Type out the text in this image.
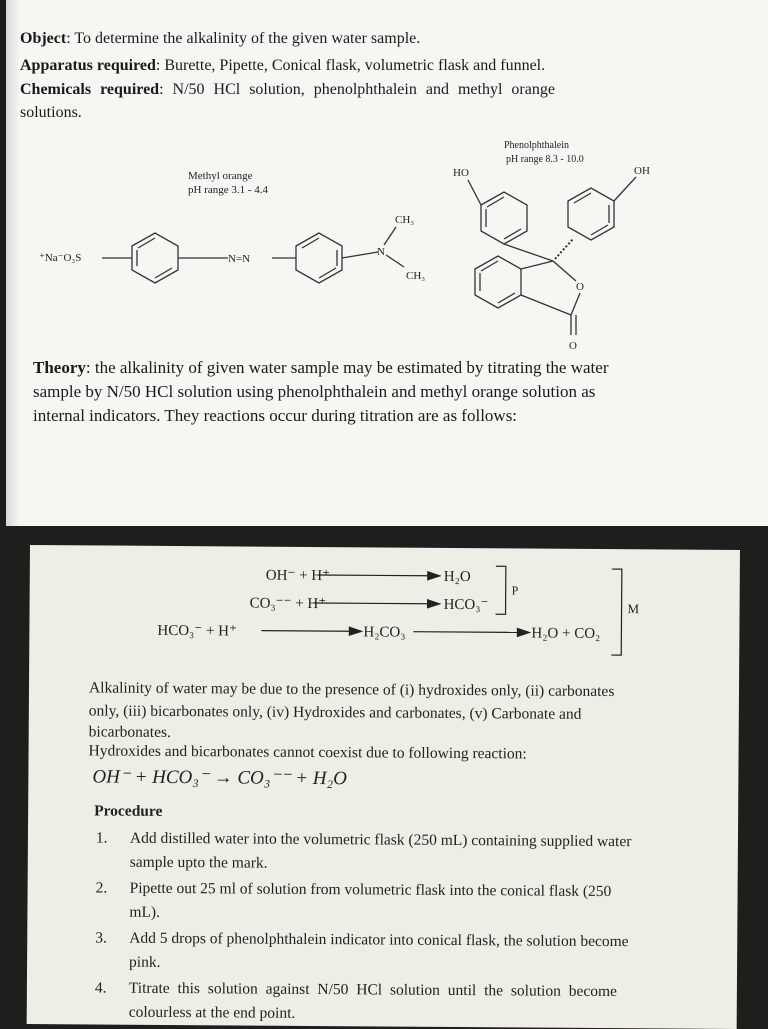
Object: To determine the alkalinity of the given water sample.
Apparatus required: Burette, Pipette, Conical flask, volumetric flask and funnel.
Chemicals required: N/50 HCl solution, phenolphthalein and methyl orange
solutions.
Methyl orange
pH range 3.1 - 4.4
⁺Na⁻O₃S	N=N
N
CH₃
CH₃
Phenolphthalein
pH range 8.3 - 10.0
HO	OH
O
O
Theory: the alkalinity of given water sample may be estimated by titrating the water
sample by N/50 HCl solution using phenolphthalein and methyl orange solution as
internal indicators. They reactions occur during titration are as follows:
OH⁻ + H⁺	H₂O
CO₃⁻⁻ + H⁺	HCO₃⁻
HCO₃⁻ + H⁺	H₂CO₃	H₂O + CO₂
P
M
Alkalinity of water may be due to the presence of (i) hydroxides only, (ii) carbonates
only, (iii) bicarbonates only, (iv) Hydroxides and carbonates, (v) Carbonate and
bicarbonates.
Hydroxides and bicarbonates cannot coexist due to following reaction:
OH⁻ + HCO₃⁻ → CO₃⁻⁻ + H₂O
Procedure
1. Add distilled water into the volumetric flask (250 mL) containing supplied water
sample upto the mark.
2. Pipette out 25 ml of solution from volumetric flask into the conical flask (250
mL).
3. Add 5 drops of phenolphthalein indicator into conical flask, the solution become
pink.
4. Titrate this solution against N/50 HCl solution until the solution become
colourless at the end point.
